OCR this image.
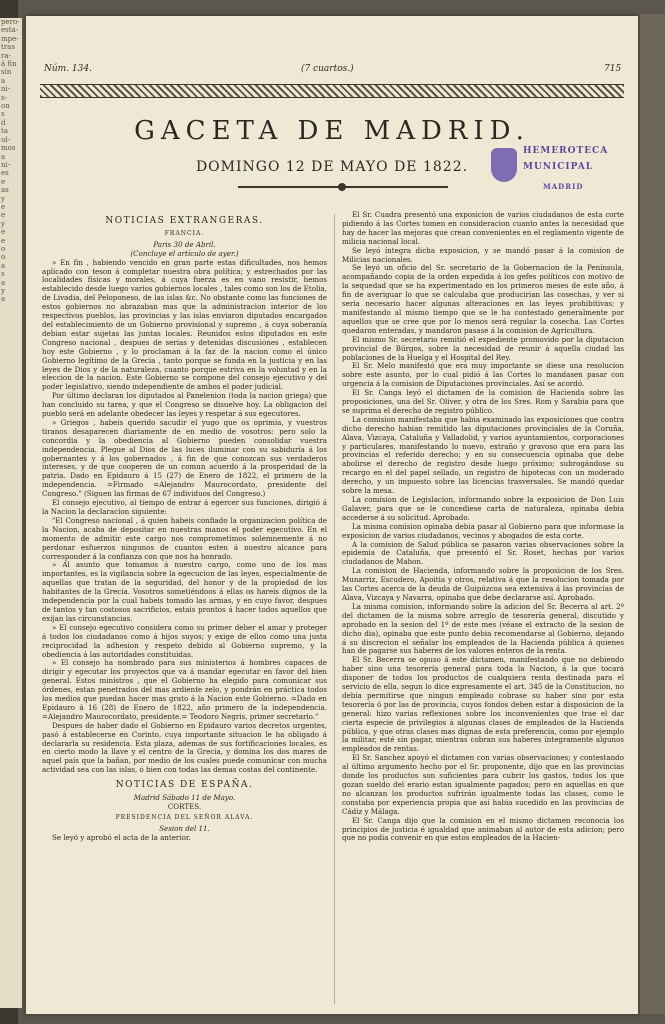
pero-
esta-
mpe-
tras
ra-
á fin
sin
a
ni-
s-
on
s
d
ta
ul-
mos
a
ni-
es
e
as
y
e
e
y
e
e
o
o
a
s
a
y
a
Núm. 134.	(7 cuartos.)	715
GACETA DE MADRID.
DOMINGO 12 DE MAYO DE 1822.
HEMEROTECA
MUNICIPAL
MADRID

NOTICIAS EXTRANGERAS.

FRANCIA.

Paris 30 de Abril.

(Concluye el artículo de ayer.)

» En fin , habiendo vencido en gran parte estas dificultades, nos hemos aplicado con teson á completar nuestra obra política; y estrechados por las localidades físicas y morales, á cuya fuerza es en vano resistir, hemos establecido desde luego varios gobiernos locales , tales como son los de Etolia, de Livadia, del Peloponeso, de las islas &c. No obstante como las funciones de estos gobiernos no abrazaban mas que la administracion interior de los respectivos pueblos, las provincias y las islas enviaron diputados encargados del establecimiento de un Gobierno provisional y supremo , á cuya soberanía debian estar sujetas las juntas locales. Reunidos estos diputados en este Congreso nacional , despues de serias y detenidas discusiones , establecen hoy este Gobierno , y lo proclaman á la faz de la nacion como el único Gobierno legítimo de la Grecia , tanto porque se funda en la justicia y en las leyes de Dios y de la naturaleza, cuanto porque estriva en la voluntad y en la eleccion de la nacion. Este Gobierno se compone del consejo ejecutivo y del poder legislativo, siendo independiente de ambos el poder judicial.

Por último declaran los diputados al Panelenion (toda la nacion griega) que han concluido su tarea, y que el Congreso se disuelve hoy. La obligacion del pueblo será en adelante obedecer las leyes y respetar á sus egecutores.

» Griegos , habeis querido sacudir el yugo que os oprimia, y vuestros tiranos desaparecen diariamente de en medio de vosotros: pero solo la concordia y la obediencia al Gobierno pueden consolidar vuestra independencia. Plegue al Dios de las luces iluminar con su sabiduría á los gobernantes y á los gobernados , á fin de que conozcan sus verdaderos intereses, y de que cooperen de un comun acuerdo á la prosperidad de la patria. Dado en Epidauro á 15 (27) de Enero de 1822, el primero de la independencia. =Firmado =Alejandro Maurocordato, presidente del Congreso." (Siguen las firmas de 67 individuos del Congreso.)

El consejo ejecutivo, al tiempo de entrar á egercer sus funciones, dirigió á la Nacion la declaracion siguiente:

"El Congreso nacional , á quien habeis confiado la organizacion política de la Nacion, acaba de depositar en nuestras manos el poder egecutivo. En el momento de admitir este cargo nos comprometimos solemnemente á no perdonar esfuerzos ningunos de cuantos esten á nuestro alcance para corresponder á la confianza con que nos ha honrado.

» Al asunto que tomamos á nuestro cargo, como uno de los mas importantes, es la vigilancia sobre la egecucion de las leyes, especialmente de aquellas que tratan de la seguridad, del honor y de la propiedad de los habitantes de la Grecia. Vosotros sometiéndoos á ellas os hareis dignos de la independencia por la cual habeis tomado las armas, y en cuyo favor, despues de tantos y tan costosos sacrificios, estais prontos á hacer todos aquellos que exijan las circunstancias.

» El consejo egecutivo considera como su primer deber el amar y proteger á todos los ciudadanos como á hijos suyos; y exige de ellos como una justa reciprocidad la adhesion y respeto debido al Gobierno supremo, y la obediencia á las autoridades constituidas.

» El consejo ha nombrado para sus ministerios á hombres capaces de dirigir y egecutar los proyectos que va á mandar egecutar en favor del bien general. Estos ministros , que el Gobierno ha elegido para comunicar sus órdenes, estan penetrados del mas ardiente zelo, y pondrán en práctica todos los medios que puedan hacer mas grato á la Nacion este Gobierno. =Dado en Epidauro á 16 (28) de Enero de 1822, año primero de la independencia. =Alejandro Maurocordato, presidente.= Teodoro Negris, primer secretario."

Despues de haber dado el Gobierno en Epidauro varios decretos urgentes, pasó á establecerse en Corinto, cuya importante situacion le ha obligado á declararla su residencia. Esta plaza, ademas de sus fortificaciones locales, es en cierto modo la llave y el centro de la Grecia, y domina los dos mares de aquel país que la bañan, por medio de los cuales puede comunicar con mucha actividad sea con las islas, ó bien con todas las demas costas del continente.

NOTICIAS DE ESPAÑA.

Madrid Sábado 11 de Mayo.

CORTES.

PRESIDENCIA DEL SEÑOR ALAVA.

Sesion del 11.

Se leyó y aprobó el acta de la anterior.

El Sr. Cuadra presentó una exposicion de varios ciudadanos de esta corte pidiendo á las Cortes tomen en consideracion cuanto antes la necesidad que hay de hacer las mejoras que crean convenientes en el reglamento vigente de milicia nacional local.

Se leyó íntegra dicha exposicion, y se mandó pasar á la comision de Milicias nacionales.

Se leyó un oficio del Sr. secretario de la Gobernacion de la Península, acompañando copia de la orden expedida á los gefes políticos con motivo de la sequedad que se ha experimentado en los primeros meses de este año, á fin de averiguar lo que se calculaba que producirian las cosechas, y ver si seria necesario hacer algunas alteraciones en las leyes prohibitivas; y manifestando al mismo tiempo que se le ha contestado generalmente por aquellos que se cree que por lo menos será regular la cosecha. Las Cortes quedaron enteradas, y mandaron pasase á la comision de Agricultura.

El mismo Sr. secretario remitió el expediente promovido por la diputacion provincial de Búrgos, sobre la necesidad de reunir á aquella ciudad las poblaciones de la Huelga y el Hospital del Rey.

El Sr. Melo manifestó que era muy importante se diese una resolucion sobre este asunto, por lo cual pidió á las Cortes lo mandasen pasar con urgencia á la comision de Diputaciones provinciales. Así se acordó.

El Sr. Canga leyó el dictamen de la comision de Hacienda sobre las proposiciones, una del Sr. Oliver, y otra de los Sres. Rom y Sarabia para que se suprima el derecho de registro público.

La comision manifestaba que habia examinado las exposiciones que contra dicho derecho habian remitido las diputaciones provinciales de la Coruña, Alava, Vizcaya, Cataluña y Valladolid, y varios ayuntamientos, corporaciones y particulares, manifestando lo nuevo, extraño y gravoso que era para las provincias el referido derecho; y en su consecuencia opinaba que debe abolirse el derecho de registro desde luego próximo; subrogándose su recargo en el del papel sellado, un registro de hipotecas con un moderado derecho, y un impuesto sobre las licencias trasversales. Se mandó quedar sobre la mesa.

La comision de Legislacion, informando sobre la exposicion de Don Luis Galaver, para que se le concediese carta de naturaleza, opinaba debia accederse á su solicitud. Aprobado.

La misma comision opinaba debia pasar al Gobierno para que informase la exposicion de varios ciudadanos, vecinos y abogados de esta corte.

A la comision de Salud pública se pasaron varias observaciones sobre la epidemia de Cataluña, que presentó el Sr. Roset, hechas por varios ciudadanos de Mahon.

La comision de Hacienda, informando sobre la proposicion de los Sres. Munarriz, Escudero, Apoitia y otros, relativa á que la resolucion tomada por las Cortes acerca de la deuda de Guipúzcoa sea extensiva á las provincias de Alava, Vizcaya y Navarra, opinaba que debe declararse así. Aprobado.

La misma comision, informando sobre la adicion del Sr. Becerra al art. 2º del dictamen de la misma sobre arreglo de tesorería general, discutido y aprobado en la sesion del 1º de este mes (véase el extracto de la sesion de dicho dia), opinaba que este punto debia recomendarse al Gobierno, dejando á su discrecion el señalar los empleados de la Hacienda pública á quienes han de pagarse sus haberes de los valores enteros de la renta.

El Sr. Becerra se opuso á este dictamen, manifestando que no debiendo haber sino una tesorería general para toda la Nacion, á la que tocará disponer de todos los productos de cualquiera renta destinada para el servicio de ella, segun lo dice expresamente el art. 345 de la Constitucion, no debia permitirse que ningun empleado cobrase su haber sino por esta tesorería ó por las de provincia, cuyos fondos deben estar á disposicion de la general: hizo varias reflexiones sobre los inconvenientes que trae el dar cierta especie de privilegios á algunas clases de empleados de la Hacienda pública, y que otras clases mas dignas de esta preferencia, como por ejemplo la militar, esté sin pagar, mientras cobran sus haberes íntegramente algunos empleados de rentas.

El Sr. Sanchez apoyó el dictamen con varias observaciones; y contestando al último argumento hecho por el Sr. proponente, dijo que en las provincias donde los productos son suficientes para cubrir los gastos, todos los que gozan sueldo del erario estan igualmente pagados; pero en aquellas en que no alcanzan los productos sufrirán igualmente todas las clases, como le constaba por experiencia propia que así habia sucedido en las provincias de Cádiz y Málaga.

El Sr. Canga dijo que la comision en el mismo dictamen reconocia los principios de justicia é igualdad que animaban al autor de esta adicion; pero que no podia convenir en que estos empleados de la Hacien-
